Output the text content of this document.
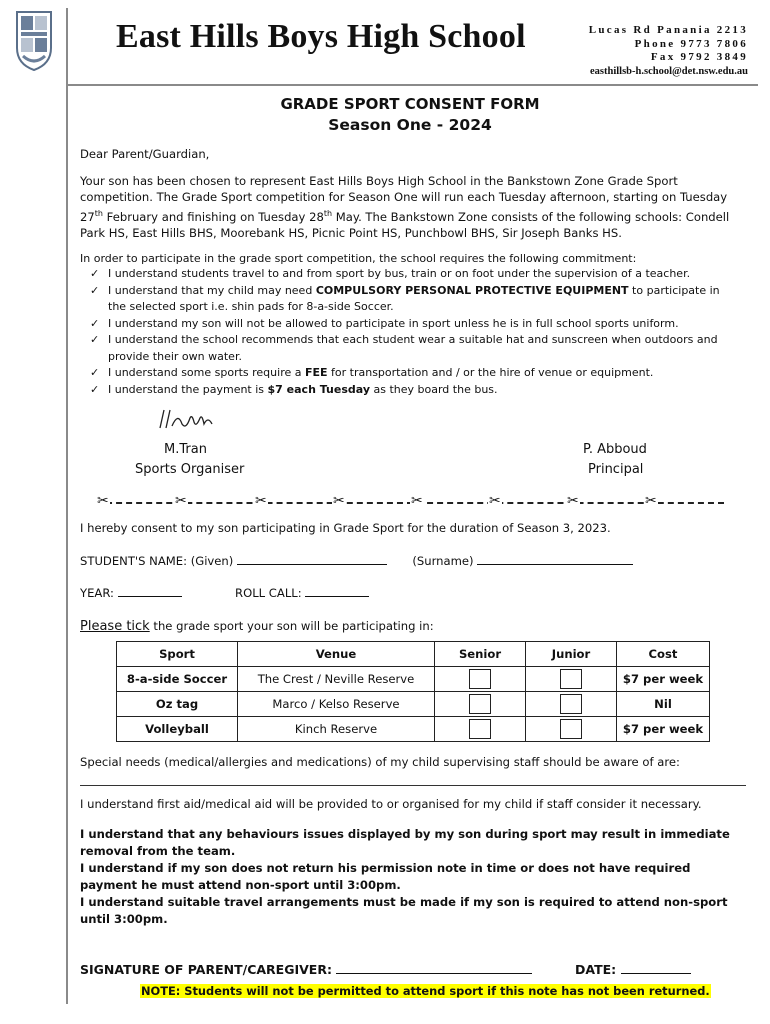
East Hills Boys High School	Lucas Rd Panania 2213
Phone 9773 7806
Fax 9792 3849
easthillsb-h.school@det.nsw.edu.au
GRADE SPORT CONSENT FORM
Season One - 2024

Dear Parent/Guardian,

Your son has been chosen to represent East Hills Boys High School in the Bankstown Zone Grade Sport competition. The Grade Sport competition for Season One will run each Tuesday afternoon, starting on Tuesday 27th February and finishing on Tuesday 28th May. The Bankstown Zone consists of the following schools: Condell Park HS, East Hills BHS, Moorebank HS, Picnic Point HS, Punchbowl BHS, Sir Joseph Banks HS.

In order to participate in the grade sport competition, the school requires the following commitment:
✓ I understand students travel to and from sport by bus, train or on foot under the supervision of a teacher.
✓ I understand that my child may need COMPULSORY PERSONAL PROTECTIVE EQUIPMENT to participate in the selected sport i.e. shin pads for 8-a-side Soccer.
✓ I understand my son will not be allowed to participate in sport unless he is in full school sports uniform.
✓ I understand the school recommends that each student wear a suitable hat and sunscreen when outdoors and provide their own water.
✓ I understand some sports require a FEE for transportation and / or the hire of venue or equipment.
✓ I understand the payment is $7 each Tuesday as they board the bus.
M.Tran
Sports Organiser
P. Abboud
Principal
✂	✂	✂	✂	✂	✂	✂	✂
I hereby consent to my son participating in Grade Sport for the duration of Season 3, 2023.
STUDENT'S NAME: (Given)	(Surname)
YEAR:	ROLL CALL:
Please tick the grade sport your son will be participating in:
Sport	Venue	Senior	Junior	Cost
8-a-side Soccer	The Crest / Neville Reserve			$7 per week
Oz tag	Marco / Kelso Reserve			Nil
Volleyball	Kinch Reserve			$7 per week
Special needs (medical/allergies and medications) of my child supervising staff should be aware of are:

I understand first aid/medical aid will be provided to or organised for my child if staff consider it necessary.

I understand that any behaviours issues displayed by my son during sport may result in immediate removal from the team.
I understand if my son does not return his permission note in time or does not have required payment he must attend non-sport until 3:00pm.
I understand suitable travel arrangements must be made if my son is required to attend non-sport until 3:00pm.
SIGNATURE OF PARENT/CAREGIVER:	DATE:
NOTE: Students will not be permitted to attend sport if this note has not been returned.
